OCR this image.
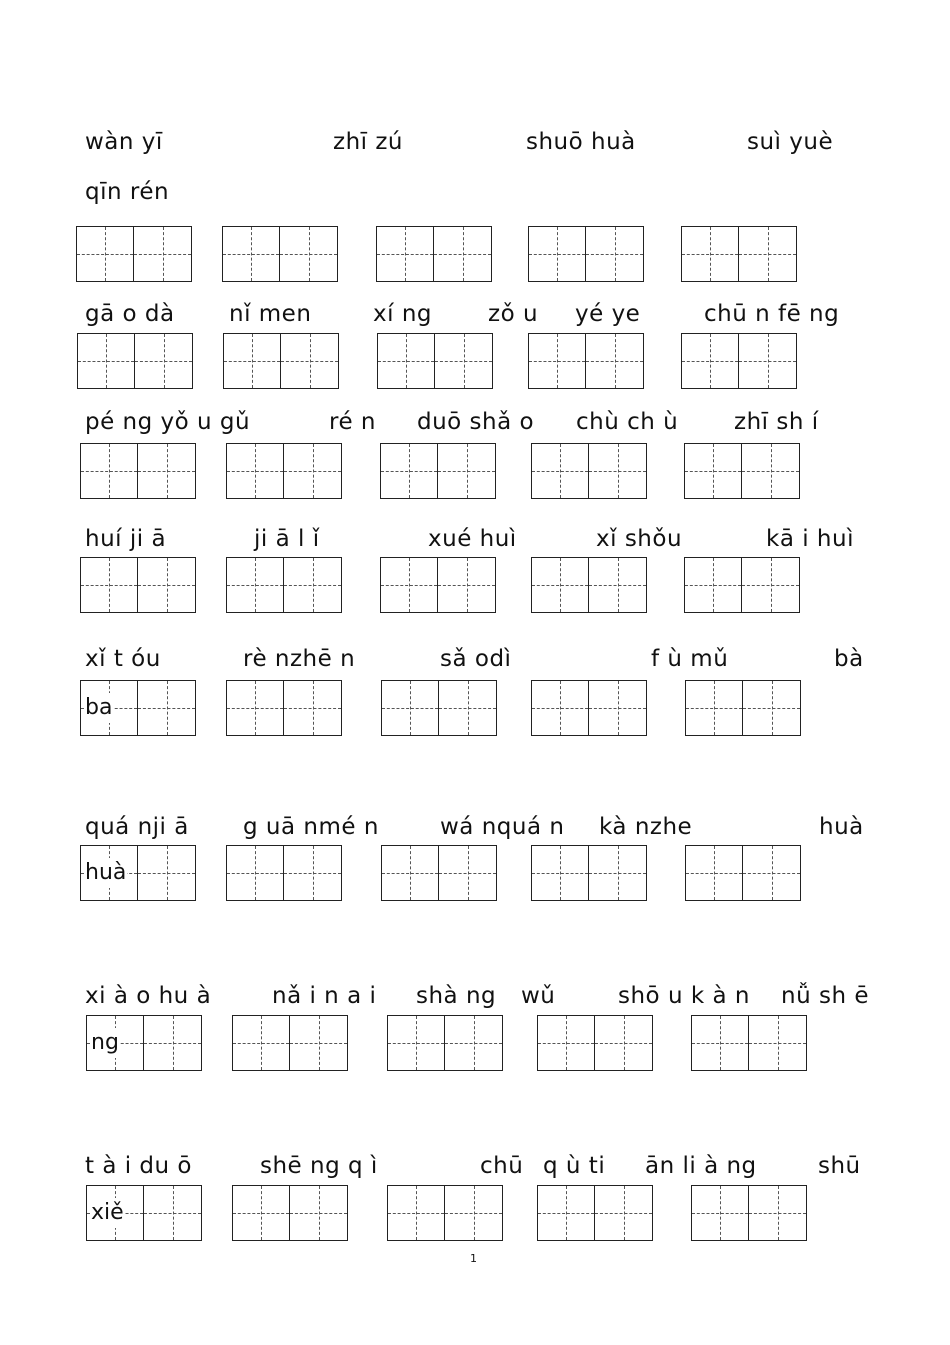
wàn yī	zhī zú	shuō huà	suì yuè
qīn rén
gā o dà nǐ men	xí ng zǒ u yé ye	chū n fē ng
pé ng yǒ u gǔ	ré n duō shǎ o chù ch ù zhī sh í
huí ji ā	ji ā l ǐ	xué huì	xǐ shǒu	kā i huì
xǐ t óu	rè nzhē n	sǎ odì	f ù mǔ	bà
ba
quá nji ā g uā nmé n	wá nquá n kà nzhe	huà
huà
xi à o hu à	nǎ i n a i shà ng wǔ	shō u k à n nǚ sh ē
ng
t à i du ō	shē ng q ì	chū q ù ti ān li à ng	shū
xiě
1
